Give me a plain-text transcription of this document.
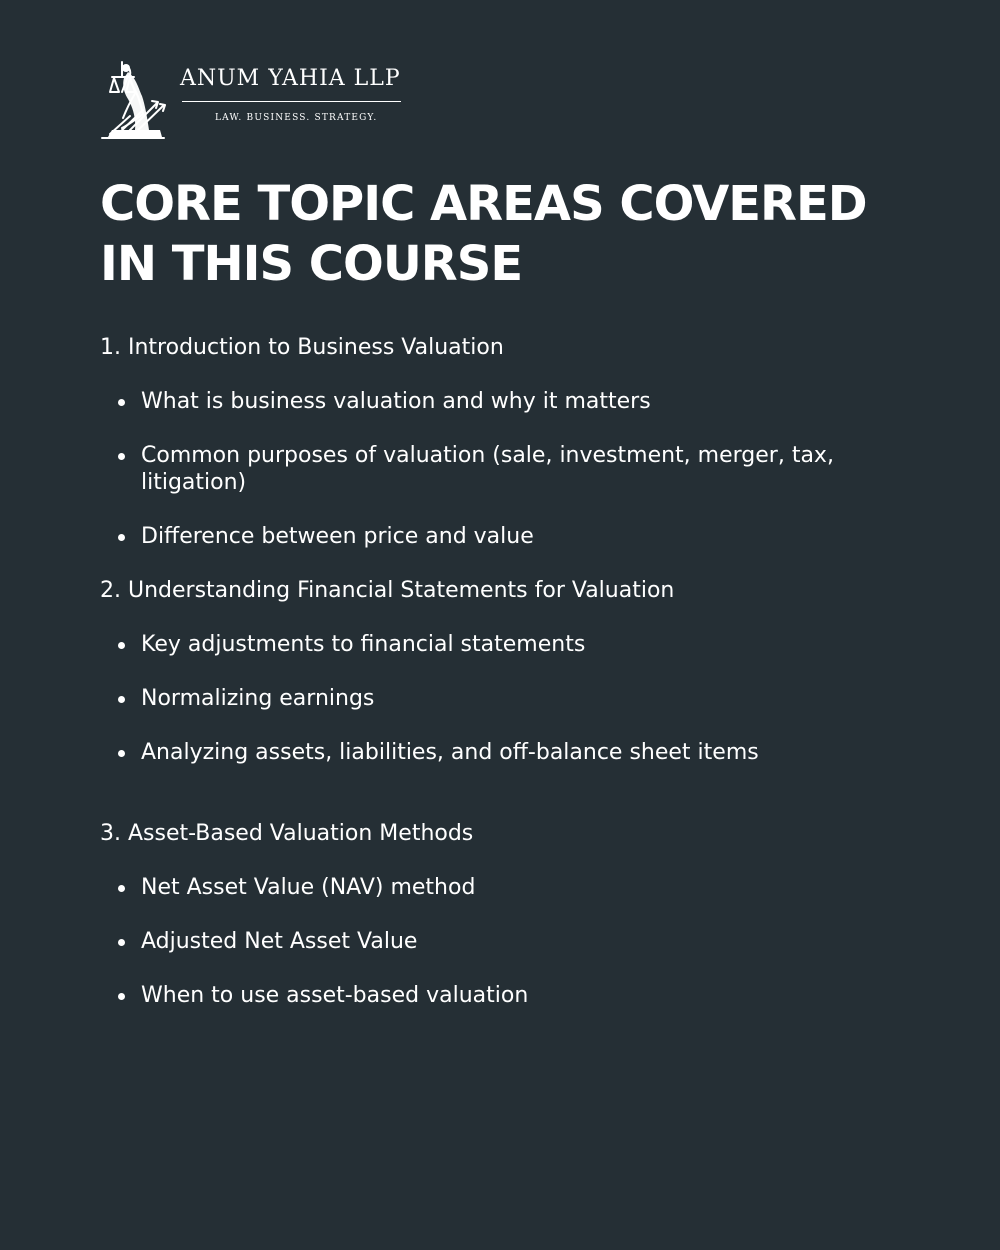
ANUM YAHIA LLP
LAW. BUSINESS. STRATEGY.
CORE TOPIC AREAS COVERED IN THIS COURSE
1. Introduction to Business Valuation
What is business valuation and why it matters
Common purposes of valuation (sale, investment, merger, tax, litigation)
Difference between price and value
2. Understanding Financial Statements for Valuation
Key adjustments to financial statements
Normalizing earnings
Analyzing assets, liabilities, and off-balance sheet items
3. Asset-Based Valuation Methods
Net Asset Value (NAV) method
Adjusted Net Asset Value
When to use asset-based valuation
